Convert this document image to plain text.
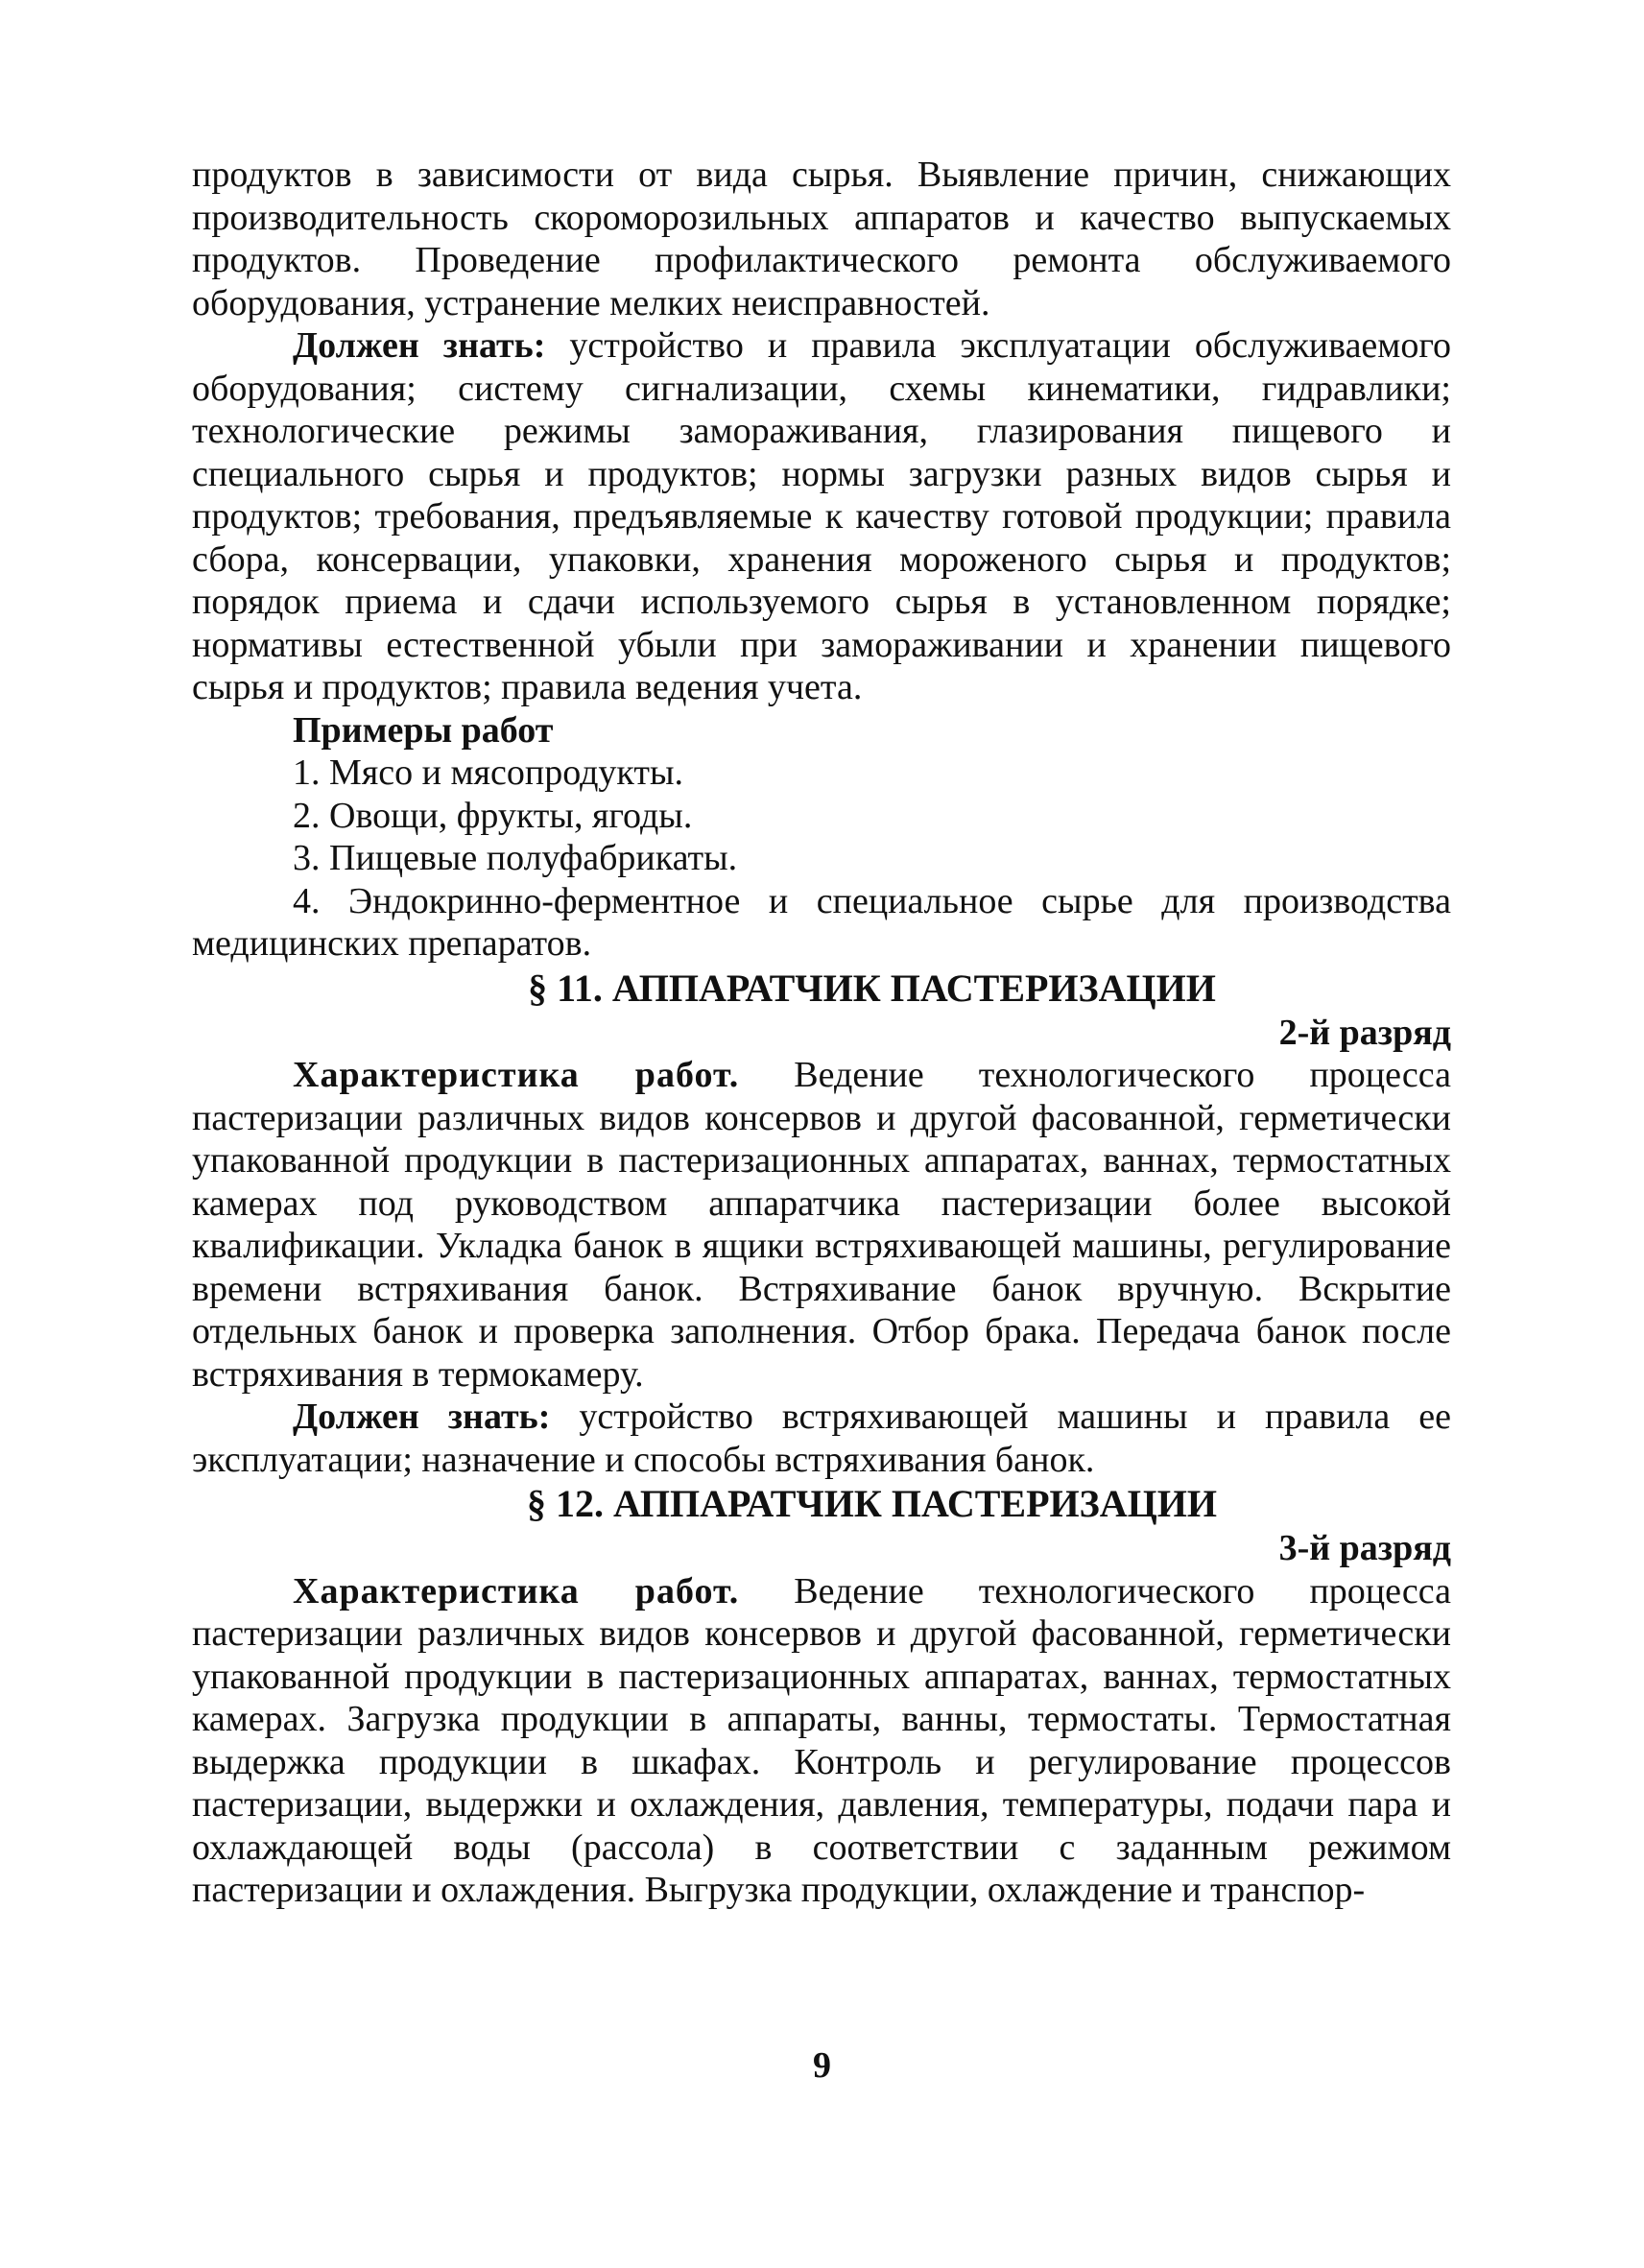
продуктов в зависимости от вида сырья. Выявление причин, снижающих производительность скороморозильных аппаратов и качество выпускаемых продуктов. Проведение профилактического ремонта обслуживаемого оборудования, устранение мелких неисправностей.

Должен знать: устройство и правила эксплуатации обслуживаемого оборудования; систему сигнализации, схемы кинематики, гидравлики; технологические режимы замораживания, глазирования пищевого и специального сырья и продуктов; нормы загрузки разных видов сырья и продуктов; требования, предъявляемые к качеству готовой продукции; правила сбора, консервации, упаковки, хранения мороженого сырья и продуктов; порядок приема и сдачи используемого сырья в установленном порядке; нормативы естественной убыли при замораживании и хранении пищевого сырья и продуктов; правила ведения учета.

Примеры работ

1. Мясо и мясопродукты.

2. Овощи, фрукты, ягоды.

3. Пищевые полуфабрикаты.

4. Эндокринно-ферментное и специальное сырье для производства медицинских препаратов.

§ 11. АППАРАТЧИК ПАСТЕРИЗАЦИИ

2-й разряд

Характеристика работ. Ведение технологического процесса пастеризации различных видов консервов и другой фасованной, герметически упакованной продукции в пастеризационных аппаратах, ваннах, термостатных камерах под руководством аппаратчика пастеризации более высокой квалификации. Укладка банок в ящики встряхивающей машины, регулирование времени встряхивания банок. Встряхивание банок вручную. Вскрытие отдельных банок и проверка заполнения. Отбор брака. Передача банок после встряхивания в термокамеру.

Должен знать: устройство встряхивающей машины и правила ее эксплуатации; назначение и способы встряхивания банок.

§ 12. АППАРАТЧИК ПАСТЕРИЗАЦИИ

3-й разряд

Характеристика работ. Ведение технологического процесса пастеризации различных видов консервов и другой фасованной, герметически упакованной продукции в пастеризационных аппаратах, ваннах, термостатных камерах. Загрузка продукции в аппараты, ванны, термостаты. Термостатная выдержка продукции в шкафах. Контроль и регулирование процессов пастеризации, выдержки и охлаждения, давления, температуры, подачи пара и охлаждающей воды (рассола) в соответствии с заданным режимом пастеризации и охлаждения. Выгрузка продукции, охлаждение и транспор-

9
